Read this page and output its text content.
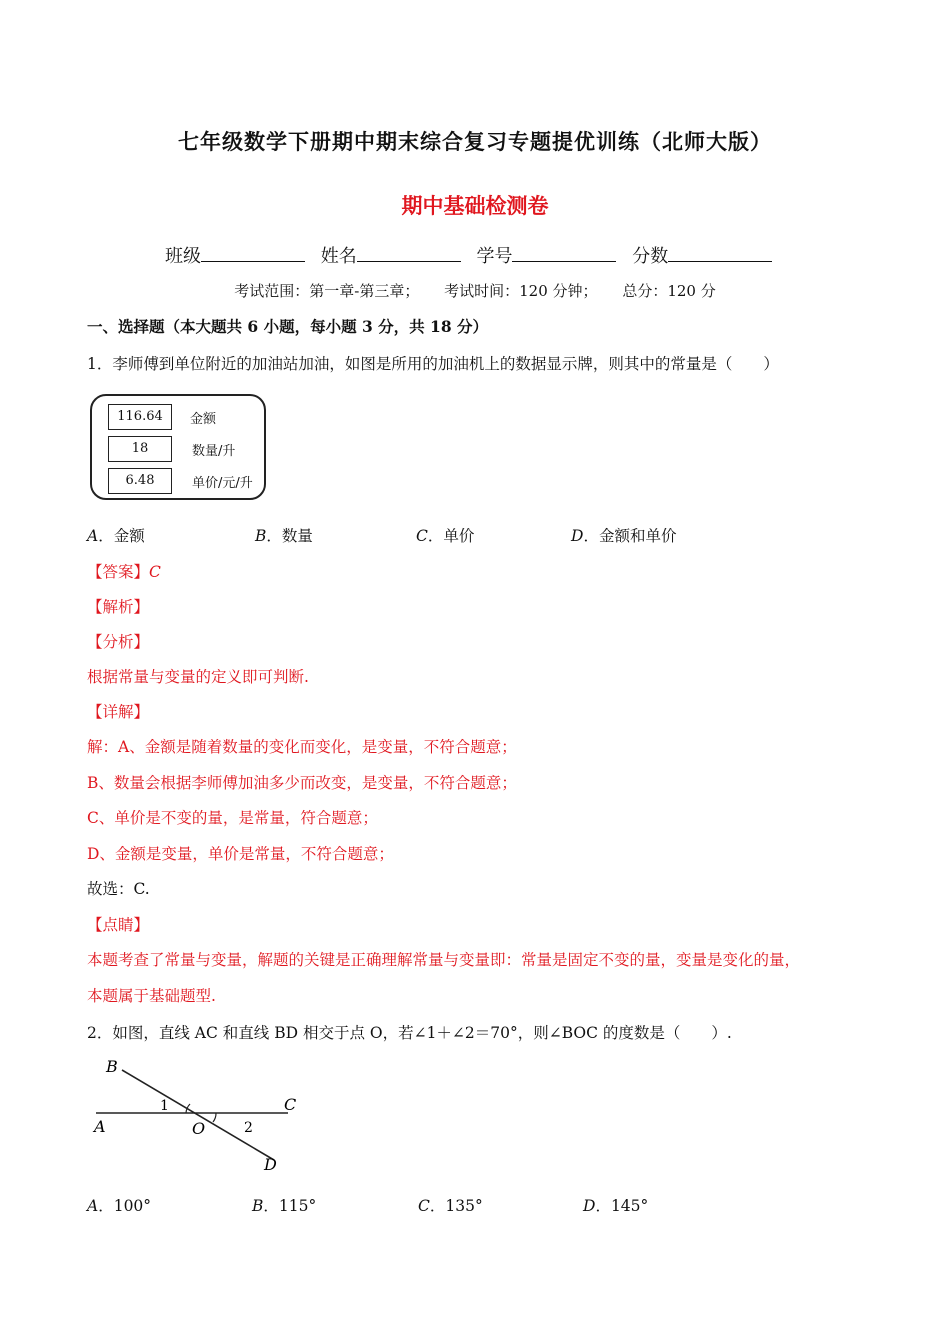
七年级数学下册期中期末综合复习专题提优训练（北师大版）
期中基础检测卷
班级	姓名	学号	分数
考试范围：第一章-第三章； 考试时间：120 分钟； 总分：120 分
一、选择题（本大题共 6 小题，每小题 3 分，共 18 分）
1．李师傅到单位附近的加油站加油，如图是所用的加油机上的数据显示牌，则其中的常量是（　　）
116.64	金额
18	数量/升
6.48	单价/元/升
A．金额	B．数量	C．单价	D．金额和单价
【答案】C
【解析】
【分析】
根据常量与变量的定义即可判断.
【详解】
解：A、金额是随着数量的变化而变化，是变量，不符合题意；
B、数量会根据李师傅加油多少而改变，是变量，不符合题意；
C、单价是不变的量，是常量，符合题意；
D、金额是变量，单价是常量，不符合题意；
故选：C.
【点睛】
本题考查了常量与变量，解题的关键是正确理解常量与变量即：常量是固定不变的量，变量是变化的量，
本题属于基础题型.
2．如图，直线 AC 和直线 BD 相交于点 O，若∠1＋∠2＝70°，则∠BOC 的度数是（　　）.
B
C
A	O
D
1
2
A．100°	B．115°	C．135°	D．145°
